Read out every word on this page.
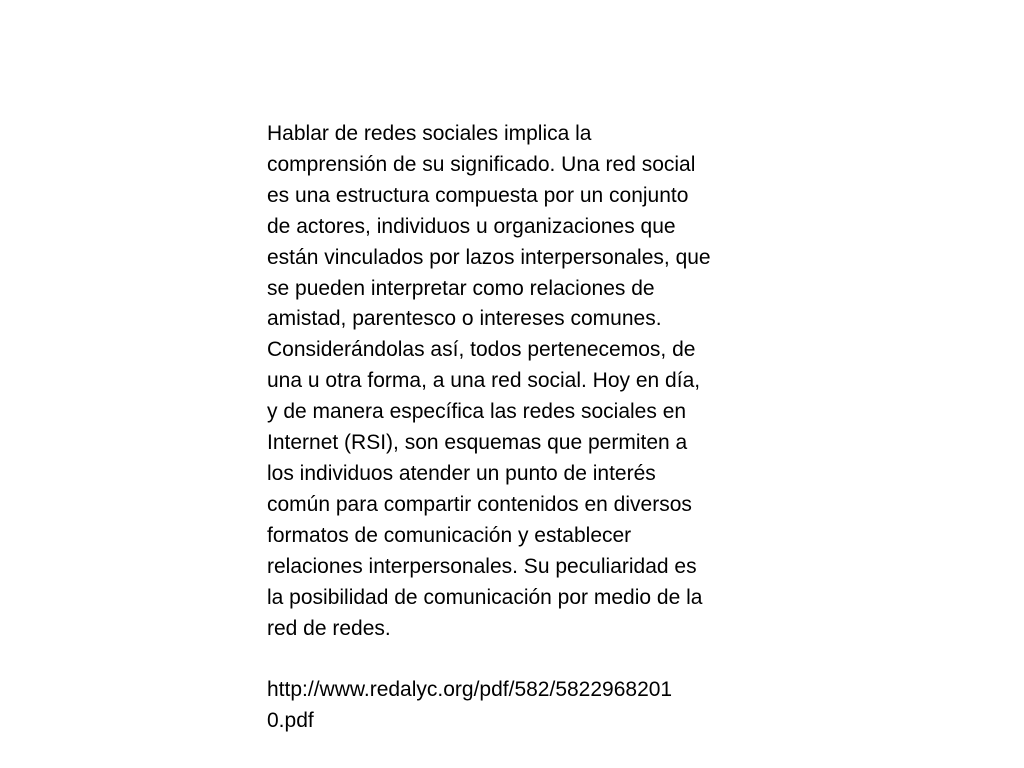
Hablar de redes sociales implica la
comprensión de su significado. Una red social
es una estructura compuesta por un conjunto
de actores, individuos u organizaciones que
están vinculados por lazos interpersonales, que
se pueden interpretar como relaciones de
amistad, parentesco o intereses comunes.
Considerándolas así, todos pertenecemos, de
una u otra forma, a una red social. Hoy en día,
y de manera específica las redes sociales en
Internet (RSI), son esquemas que permiten a
los individuos atender un punto de interés
común para compartir contenidos en diversos
formatos de comunicación y establecer
relaciones interpersonales. Su peculiaridad es
la posibilidad de comunicación por medio de la
red de redes.
http://www.redalyc.org/pdf/582/5822968201
0.pdf
